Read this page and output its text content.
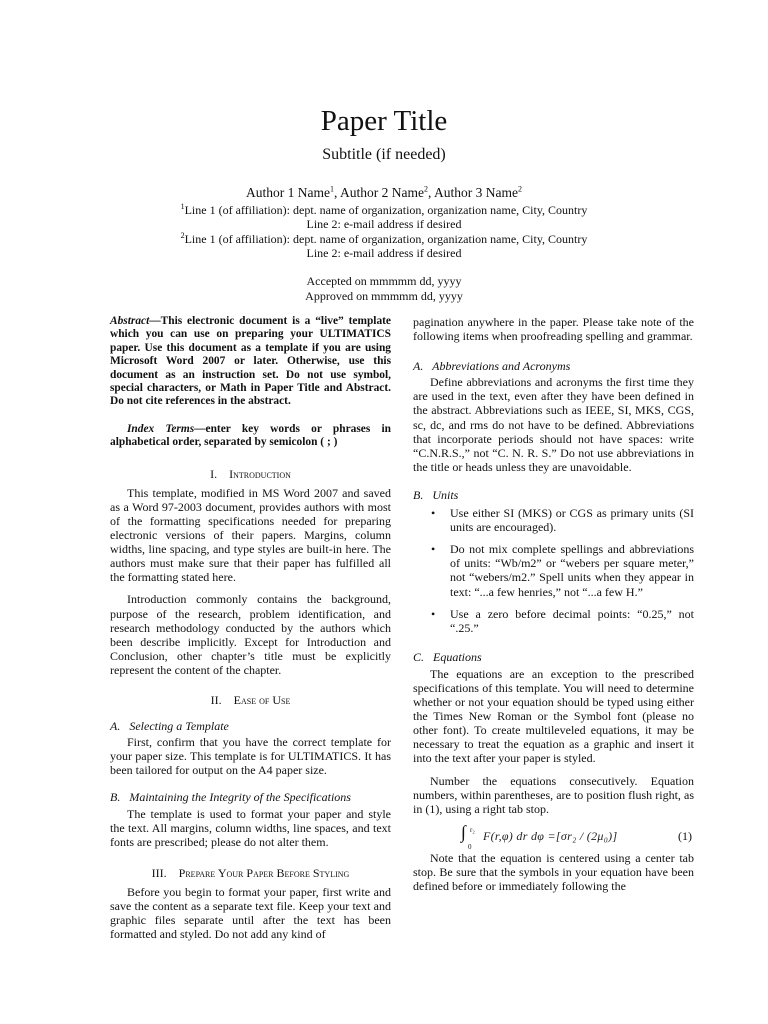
Paper Title
Subtitle (if needed)
Author 1 Name$^1$, Author 2 Name$^2$, Author 3 Name$^2$
$^1$Line 1 (of affiliation): dept. name of organization, organization name, City, Country
Line 2: e-mail address if desired
$^2$Line 1 (of affiliation): dept. name of organization, organization name, City, Country
Line 2: e-mail address if desired
Accepted on mmmmm dd, yyyy
Approved on mmmmm dd, yyyy

Abstract—This electronic document is a “live” template which you can use on preparing your ULTIMATICS paper. Use this document as a template if you are using Microsoft Word 2007 or later. Otherwise, use this document as an instruction set. Do not use symbol, special characters, or Math in Paper Title and Abstract. Do not cite references in the abstract.

Index Terms—enter key words or phrases in alphabetical order, separated by semicolon ( ; )

I. Introduction

This template, modified in MS Word 2007 and saved as a Word 97-2003 document, provides authors with most of the formatting specifications needed for preparing electronic versions of their papers. Margins, column widths, line spacing, and type styles are built-in here. The authors must make sure that their paper has fulfilled all the formatting stated here.

Introduction commonly contains the background, purpose of the research, problem identification, and research methodology conducted by the authors which been describe implicitly. Except for Introduction and Conclusion, other chapter’s title must be explicitly represent the content of the chapter.

II. Ease of Use

A.   Selecting a Template

First, confirm that you have the correct template for your paper size. This template is for ULTIMATICS. It has been tailored for output on the A4 paper size.

B.   Maintaining the Integrity of the Specifications

The template is used to format your paper and style the text. All margins, column widths, line spaces, and text fonts are prescribed; please do not alter them.

III. Prepare Your Paper Before Styling

Before you begin to format your paper, first write and save the content as a separate text file. Keep your text and graphic files separate until after the text has been formatted and styled. Do not add any kind of

pagination anywhere in the paper. Please take note of the following items when proofreading spelling and grammar.

A.   Abbreviations and Acronyms

Define abbreviations and acronyms the first time they are used in the text, even after they have been defined in the abstract. Abbreviations such as IEEE, SI, MKS, CGS, sc, dc, and rms do not have to be defined. Abbreviations that incorporate periods should not have spaces: write “C.N.R.S.,” not “C. N. R. S.” Do not use abbreviations in the title or heads unless they are unavoidable.

B.   Units

• Use either SI (MKS) or CGS as primary units (SI units are encouraged).
• Do not mix complete spellings and abbreviations of units: “Wb/m2” or “webers per square meter,” not “webers/m2.” Spell units when they appear in text: “...a few henries,” not “...a few H.”
• Use a zero before decimal points: “0.25,” not “.25.”

C.   Equations

The equations are an exception to the prescribed specifications of this template. You will need to determine whether or not your equation should be typed using either the Times New Roman or the Symbol font (please no other font). To create multileveled equations, it may be necessary to treat the equation as a graphic and insert it into the text after your paper is styled.

Number the equations consecutively. Equation numbers, within parentheses, are to position flush right, as in (1), using a right tab stop.

∫ r₂
0
F(r,φ) dr dφ =[σr₂ / (2μ₀)]	(1)

Note that the equation is centered using a center tab stop. Be sure that the symbols in your equation have been defined before or immediately following the
